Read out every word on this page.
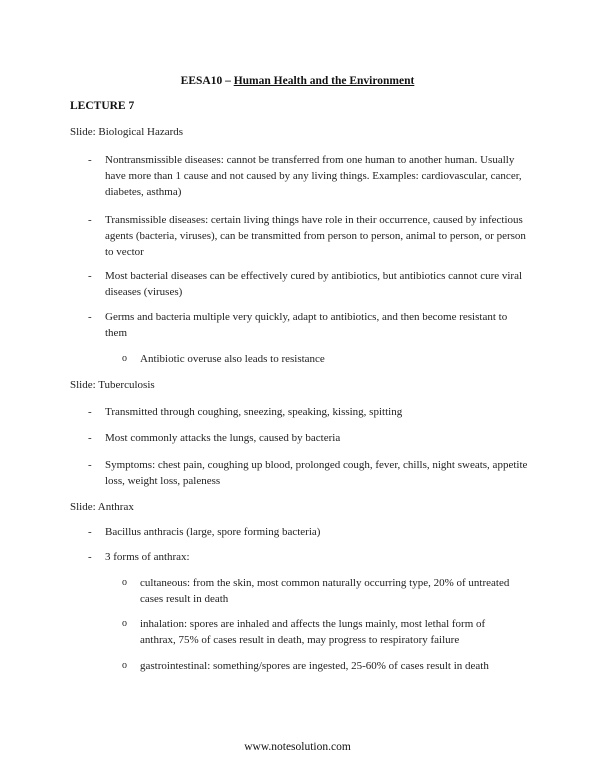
EESA10 – Human Health and the Environment
LECTURE 7
Slide: Biological Hazards
- Nontransmissible diseases: cannot be transferred from one human to another human. Usually have more than 1 cause and not caused by any living things. Examples: cardiovascular, cancer, diabetes, asthma)
- Transmissible diseases: certain living things have role in their occurrence, caused by infectious agents (bacteria, viruses), can be transmitted from person to person, animal to person, or person to vector
- Most bacterial diseases can be effectively cured by antibiotics, but antibiotics cannot cure viral diseases (viruses)
- Germs and bacteria multiple very quickly, adapt to antibiotics, and then become resistant to them
o Antibiotic overuse also leads to resistance
Slide: Tuberculosis
- Transmitted through coughing, sneezing, speaking, kissing, spitting
- Most commonly attacks the lungs, caused by bacteria
- Symptoms: chest pain, coughing up blood, prolonged cough, fever, chills, night sweats, appetite loss, weight loss, paleness
Slide: Anthrax
- Bacillus anthracis (large, spore forming bacteria)
- 3 forms of anthrax:
o cultaneous: from the skin, most common naturally occurring type, 20% of untreated cases result in death
o inhalation: spores are inhaled and affects the lungs mainly, most lethal form of anthrax, 75% of cases result in death, may progress to respiratory failure
o gastrointestinal: something/spores are ingested, 25-60% of cases result in death
www.notesolution.com
